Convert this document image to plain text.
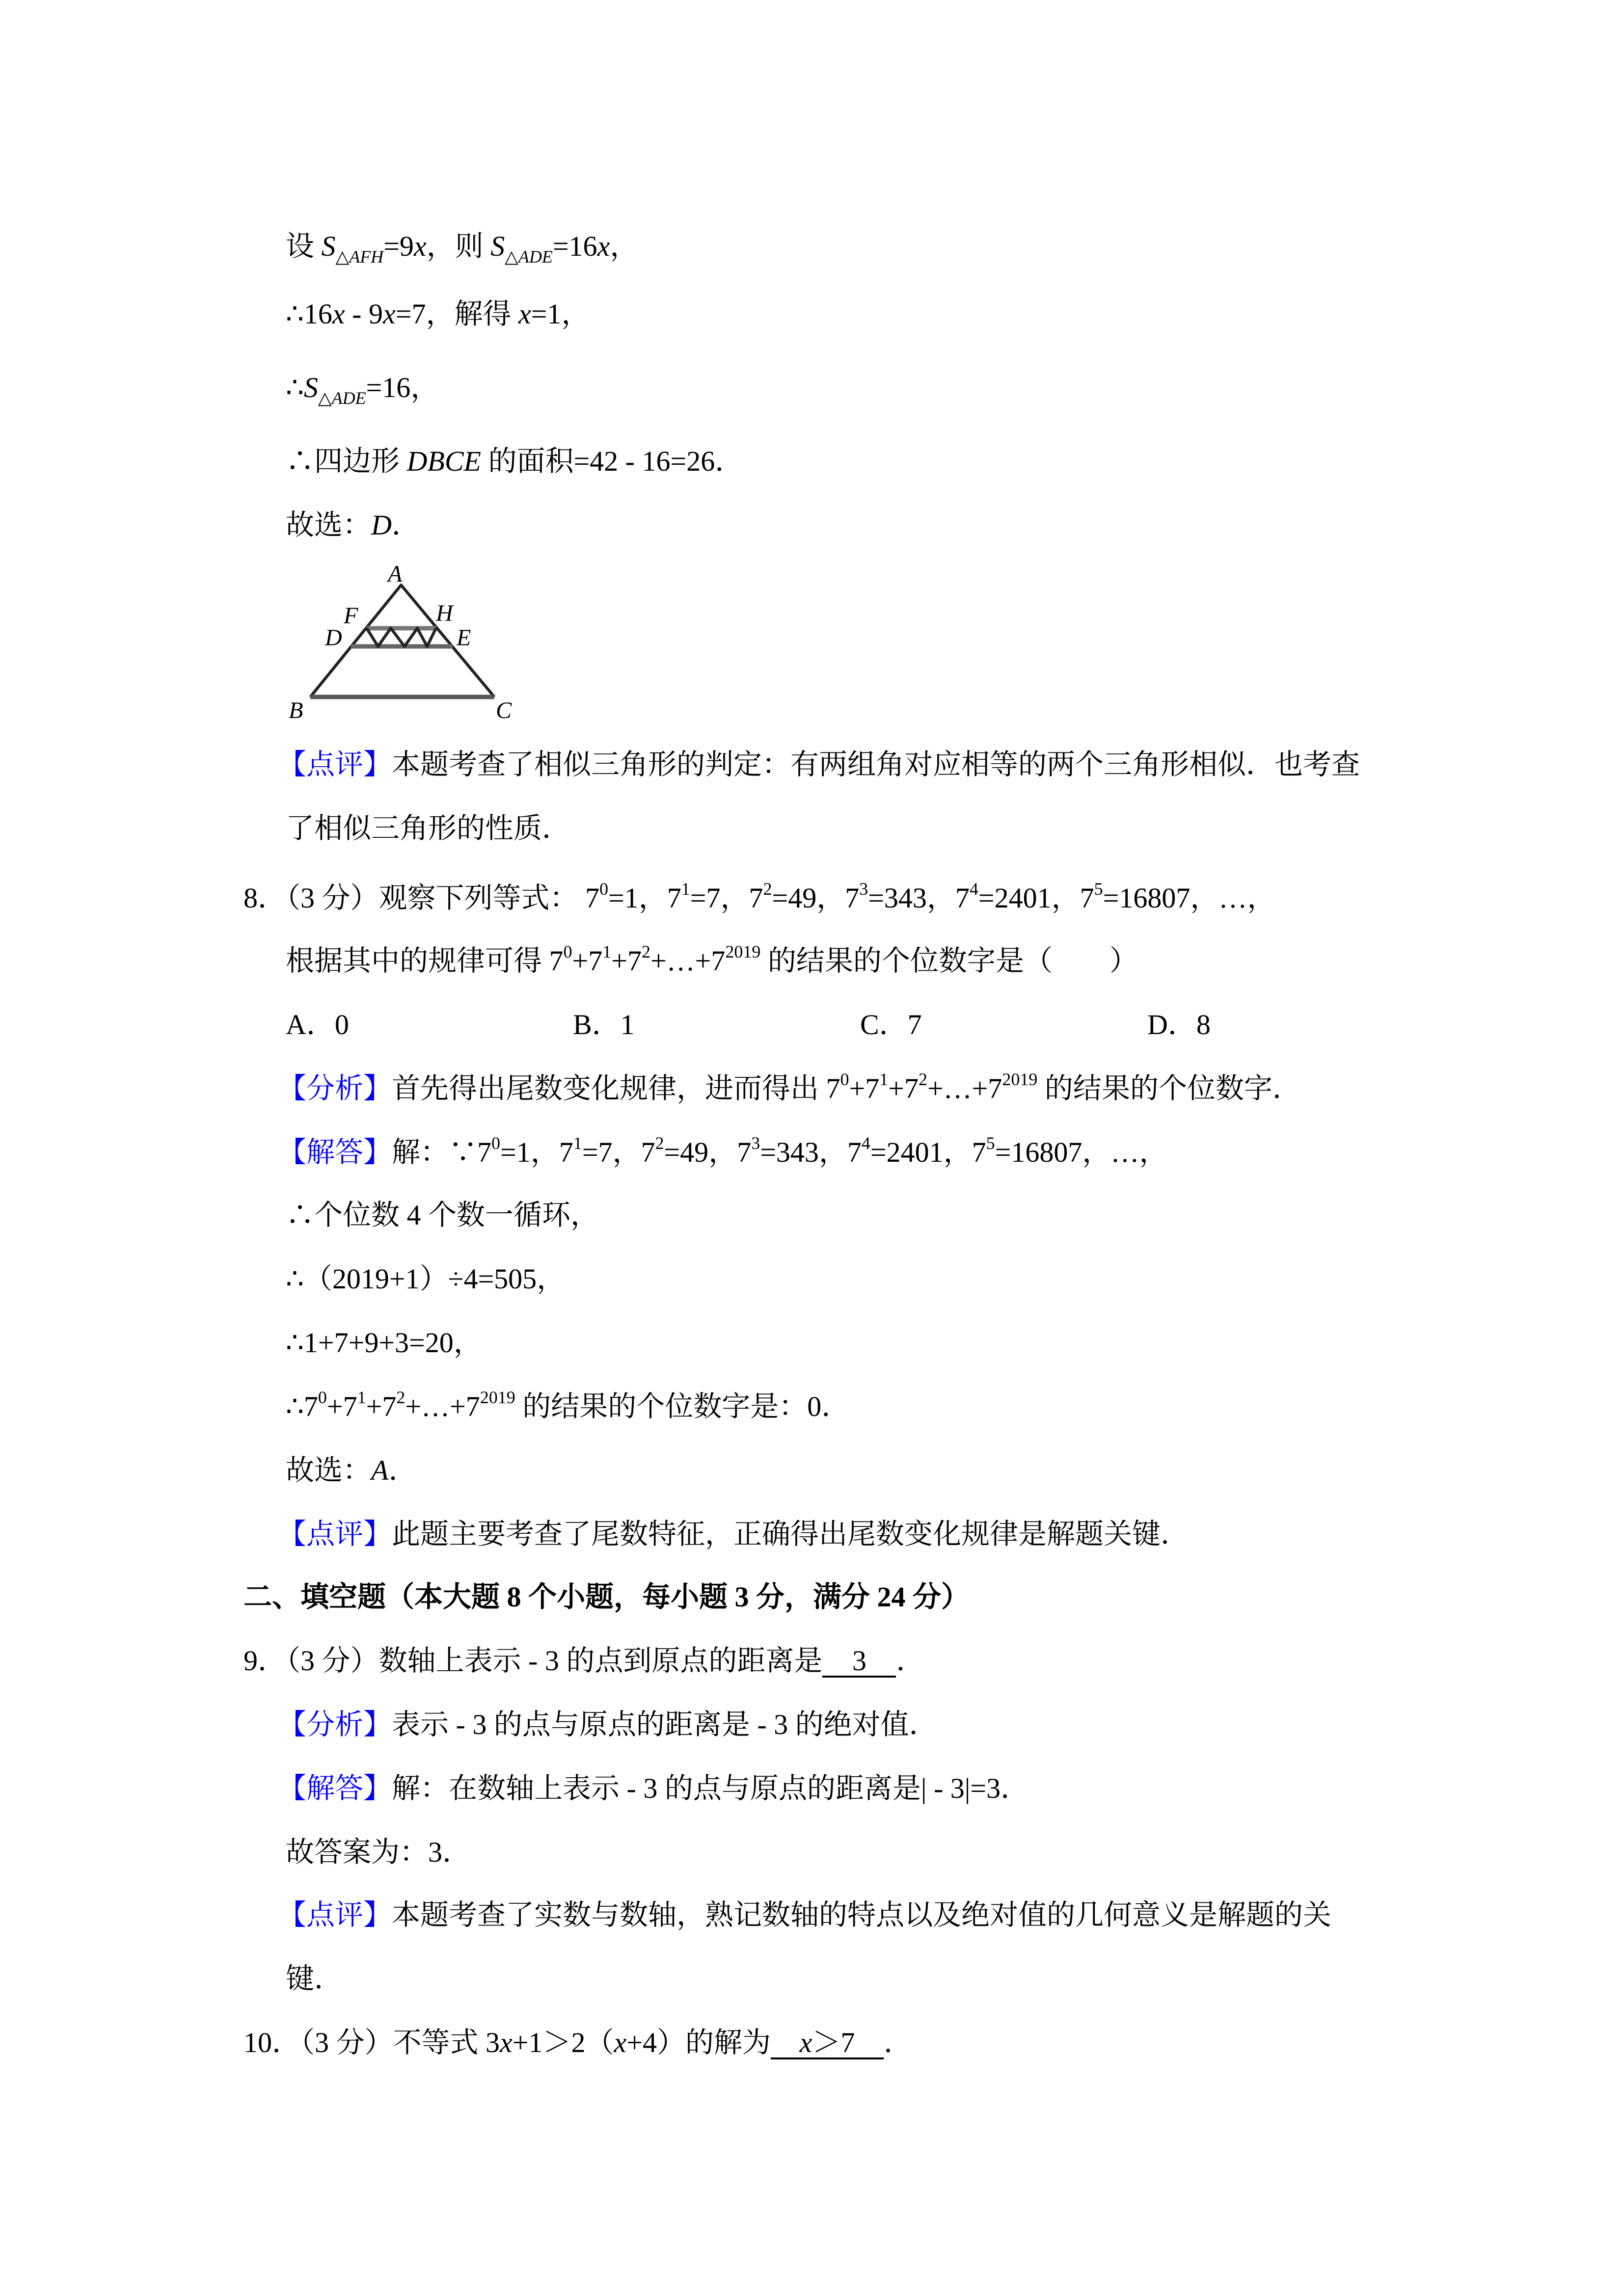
设 $S_{\triangle AFH}=9x$，则 $S_{\triangle ADE}=16x$，
∴16x - 9x=7，解得 x=1，
$\therefore S_{\triangle ADE}=16$，
∴四边形 DBCE 的面积=42 - 16=26．
故选：D．
A
F	H
D	E
B	C
【点评】本题考查了相似三角形的判定：有两组角对应相等的两个三角形相似．也考查
了相似三角形的性质．
8．（3 分）观察下列等式： $7^0=1$，$7^1=7$，$7^2=49$，$7^3=343$，$7^4=2401$，$7^5=16807$，…，
根据其中的规律可得 $7^0+7^1+7^2+\dots+7^{2019}$ 的结果的个位数字是（　　）
A．0	B．1	C．7	D．8
【分析】首先得出尾数变化规律，进而得出 $7^0+7^1+7^2+\dots+7^{2019}$ 的结果的个位数字．
【解答】解：$\because 7^0=1$，$7^1=7$，$7^2=49$，$7^3=343$，$7^4=2401$，$7^5=16807$，…，
∴个位数 4 个数一循环，
∴（2019+1）÷4=505，
∴1+7+9+3=20，
$\therefore 7^0+7^1+7^2+\dots+7^{2019}$ 的结果的个位数字是：0．
故选：A．
【点评】此题主要考查了尾数特征，正确得出尾数变化规律是解题关键．
二、填空题（本大题 8 个小题，每小题 3 分，满分 24 分）
9．（3 分）数轴上表示 - 3 的点到原点的距离是 3 ．
【分析】表示 - 3 的点与原点的距离是 - 3 的绝对值．
【解答】解：在数轴上表示 - 3 的点与原点的距离是| - 3|=3．
故答案为：3．
【点评】本题考查了实数与数轴，熟记数轴的特点以及绝对值的几何意义是解题的关
键．
10．（3 分）不等式 3x+1＞2（x+4）的解为 x＞7 ．
